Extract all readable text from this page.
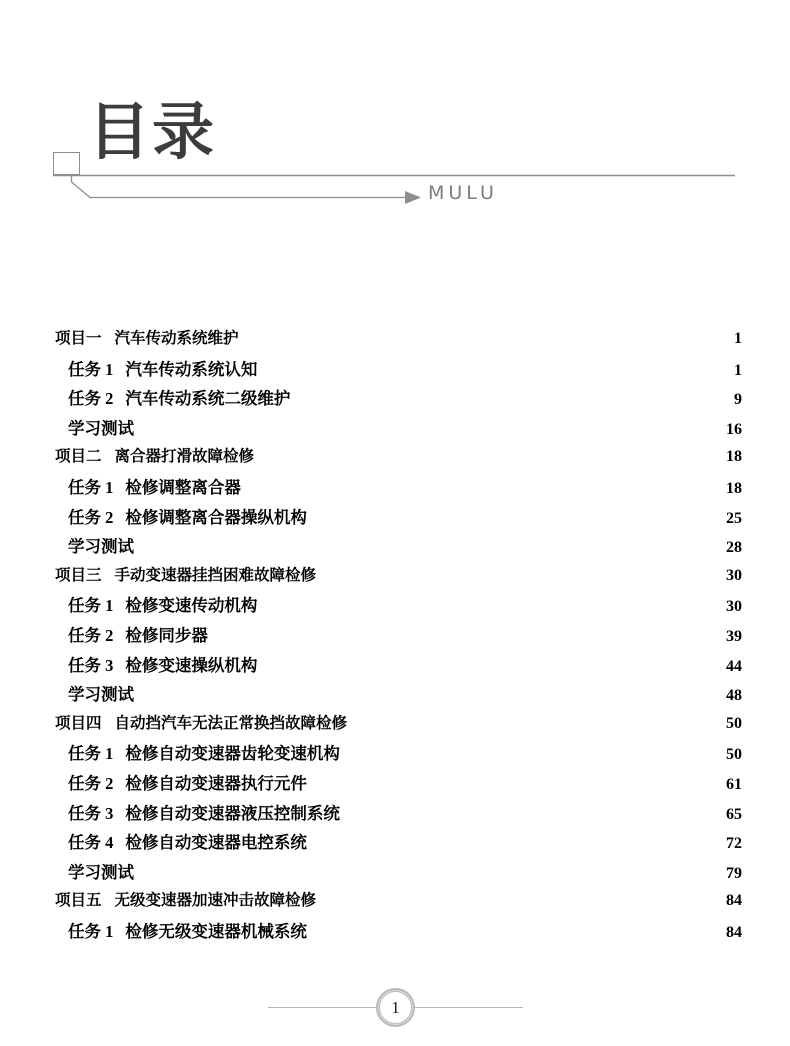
目录
MULU
项目一 汽车传动系统维护	1
任务 1 汽车传动系统认知	1
任务 2 汽车传动系统二级维护	9
学习测试	16
项目二 离合器打滑故障检修	18
任务 1 检修调整离合器	18
任务 2 检修调整离合器操纵机构	25
学习测试	28
项目三 手动变速器挂挡困难故障检修	30
任务 1 检修变速传动机构	30
任务 2 检修同步器	39
任务 3 检修变速操纵机构	44
学习测试	48
项目四 自动挡汽车无法正常换挡故障检修	50
任务 1 检修自动变速器齿轮变速机构	50
任务 2 检修自动变速器执行元件	61
任务 3 检修自动变速器液压控制系统	65
任务 4 检修自动变速器电控系统	72
学习测试	79
项目五 无级变速器加速冲击故障检修	84
任务 1 检修无级变速器机械系统	84
1
